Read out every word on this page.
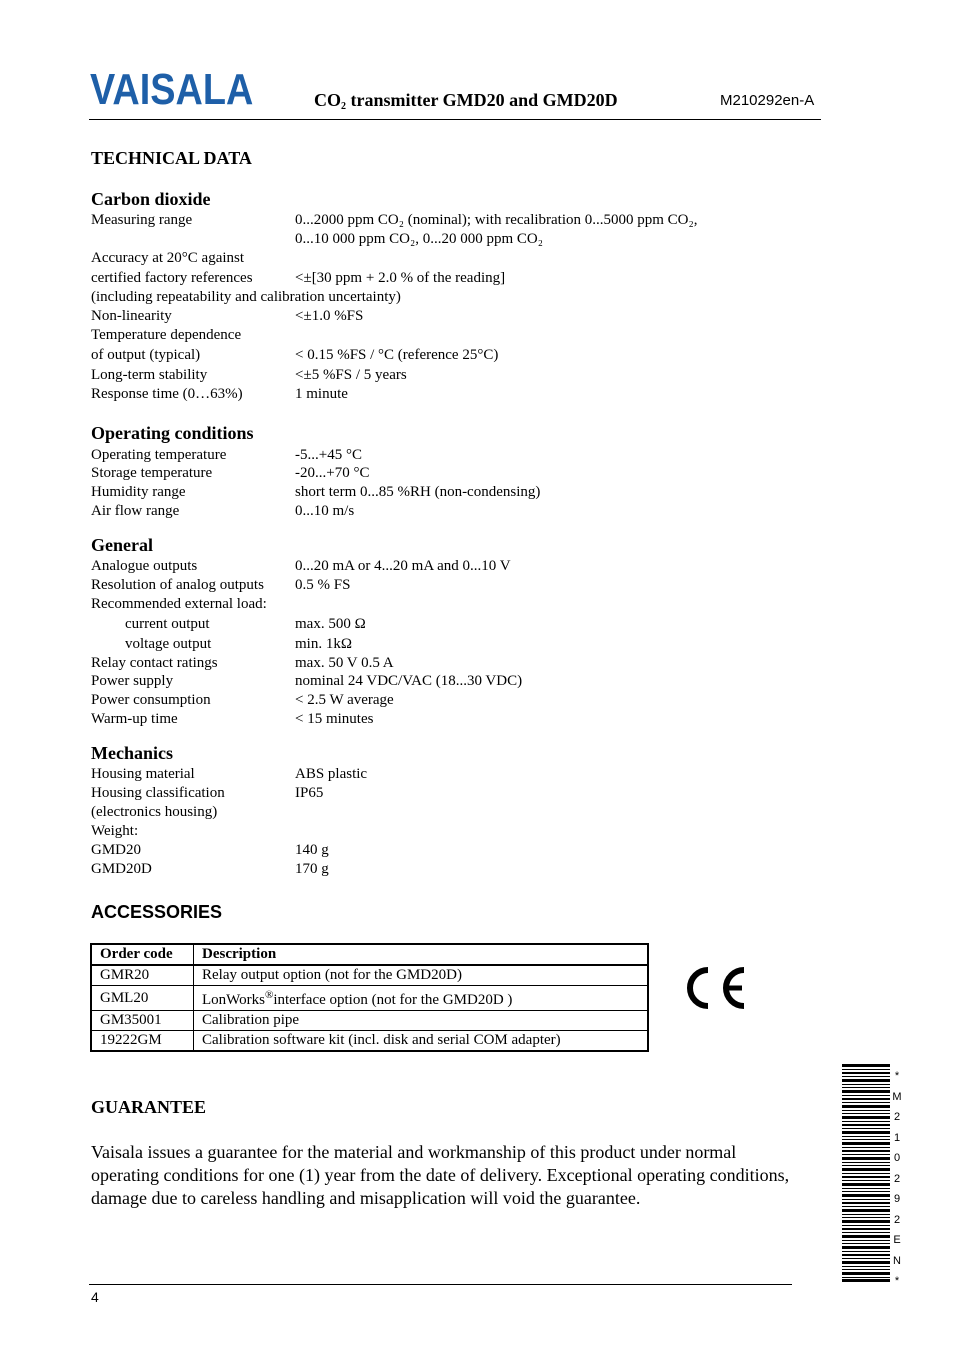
VAISALA	$CO_2$ transmitter GMD20 and GMD20D	M210292en-A
TECHNICAL DATA
Carbon dioxide
Measuring range	0...2000 ppm CO₂ (nominal); with recalibration 0...5000 ppm CO₂,
0...10 000 ppm CO₂, 0...20 000 ppm CO₂
Accuracy at 20°C against
certified factory references	<±[30 ppm + 2.0 % of the reading]
(including repeatability and calibration uncertainty)
Non-linearity	<±1.0 %FS
Temperature dependence
of output (typical)	< 0.15 %FS / °C (reference 25°C)
Long-term stability	<±5 %FS / 5 years
Response time (0…63%)	1 minute
Operating conditions
Operating temperature	-5...+45 °C
Storage temperature	-20...+70 °C
Humidity range	short term 0...85 %RH (non-condensing)
Air flow range	0...10 m/s
General
Analogue outputs	0...20 mA or 4...20 mA and 0...10 V
Resolution of analog outputs 0.5 % FS
Recommended external load:
current output	max. 500 Ω
voltage output	min. 1kΩ
Relay contact ratings	max. 50 V 0.5 A
Power supply	nominal 24 VDC/VAC (18...30 VDC)
Power consumption	< 2.5 W average
Warm-up time	< 15 minutes
Mechanics
Housing material	ABS plastic
Housing classification	IP65
(electronics housing)
Weight:
GMD20	140 g
GMD20D	170 g
ACCESSORIES
Order code	Description
GMR20	Relay output option (not for the GMD20D)
GML20	LonWorks®interface option (not for the GMD20D )
GM35001	Calibration pipe
19222GM	Calibration software kit (incl. disk and serial COM adapter)
GUARANTEE
Vaisala issues a guarantee for the material and workmanship of this product under normal operating conditions for one (1) year from the date of delivery. Exceptional operating conditions, damage due to careless handling and misapplication will void the guarantee.
4
*M210292EN*
